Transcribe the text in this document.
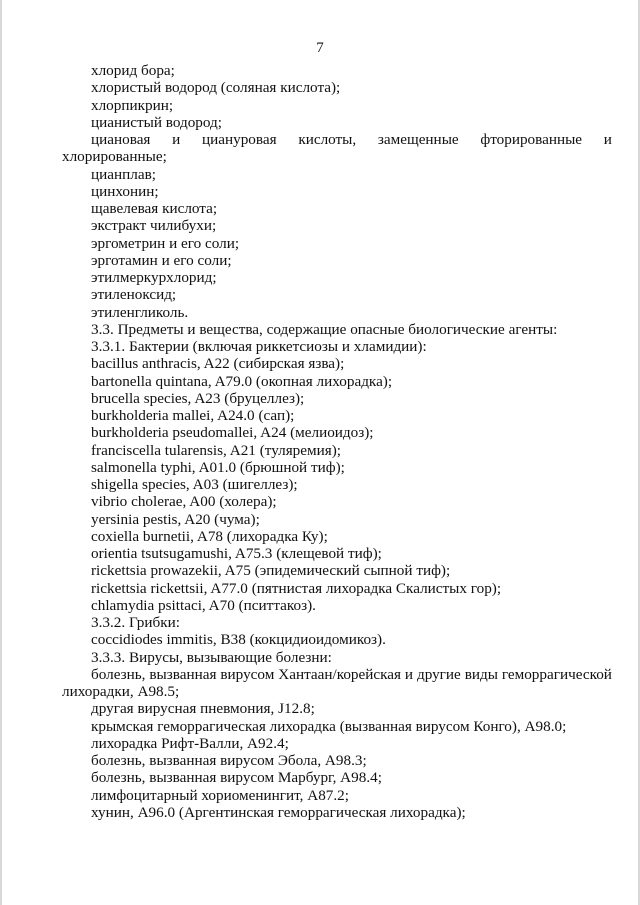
7
хлорид бора;
хлористый водород (соляная кислота);
хлорпикрин;
цианистый водород;
циановая и циануровая кислоты, замещенные фторированные и
хлорированные;
цианплав;
цинхонин;
щавелевая кислота;
экстракт чилибухи;
эргометрин и его соли;
эрготамин и его соли;
этилмеркурхлорид;
этиленоксид;
этиленгликоль.
3.3. Предметы и вещества, содержащие опасные биологические агенты:
3.3.1. Бактерии (включая риккетсиозы и хламидии):
bacillus anthracis, A22 (сибирская язва);
bartonella quintana, A79.0 (окопная лихорадка);
brucella species, A23 (бруцеллез);
burkholderia mallei, A24.0 (сап);
burkholderia pseudomallei, A24 (мелиоидоз);
franciscella tularensis, A21 (туляремия);
salmonella typhi, A01.0 (брюшной тиф);
shigella species, A03 (шигеллез);
vibrio cholerae, A00 (холера);
yersinia pestis, A20 (чума);
coxiella burnetii, A78 (лихорадка Ку);
orientia tsutsugamushi, A75.3 (клещевой тиф);
rickettsia prowazekii, A75 (эпидемический сыпной тиф);
rickettsia rickettsii, A77.0 (пятнистая лихорадка Скалистых гор);
chlamydia psittaci, A70 (пситтакоз).
3.3.2. Грибки:
coccidiodes immitis, B38 (кокцидиоидомикоз).
3.3.3. Вирусы, вызывающие болезни:
болезнь, вызванная вирусом Хантаан/корейская и другие виды геморрагической
лихорадки, A98.5;
другая вирусная пневмония, J12.8;
крымская геморрагическая лихорадка (вызванная вирусом Конго), A98.0;
лихорадка Рифт-Валли, A92.4;
болезнь, вызванная вирусом Эбола, A98.3;
болезнь, вызванная вирусом Марбург, A98.4;
лимфоцитарный хориоменингит, A87.2;
хунин, A96.0 (Аргентинская геморрагическая лихорадка);
